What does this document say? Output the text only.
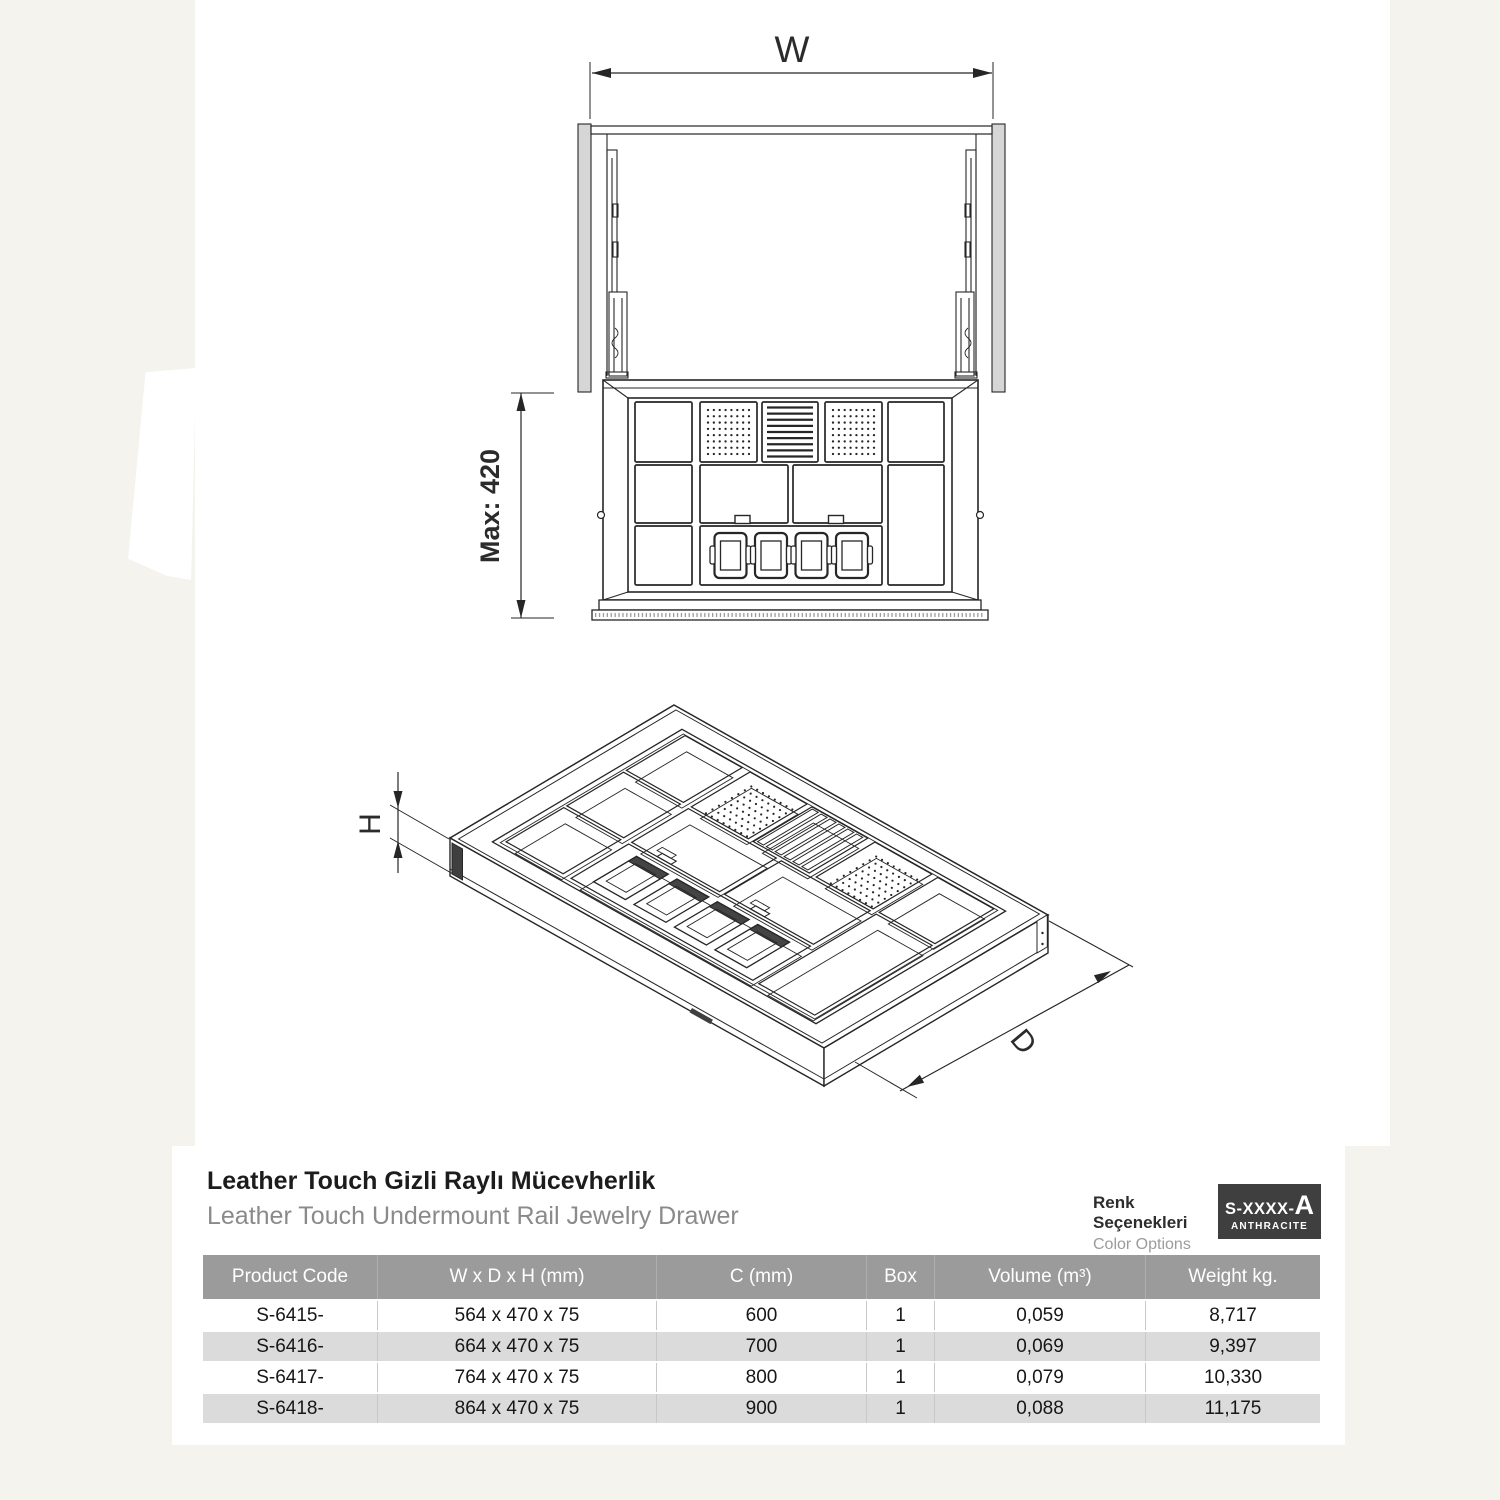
W
Max: 420
H
D
Leather Touch Gizli Raylı Mücevherlik
Leather Touch Undermount Rail Jewelry Drawer	Renk Seçenekleri
Color Options
S-XXXX- A
ANTHRACITE
Product Code	W x D x H (mm)	C (mm)	Box	Volume (m³)	Weight kg.
S-6415-	564 x 470 x 75	600	1	0,059	8,717
S-6416-	664 x 470 x 75	700	1	0,069	9,397
S-6417-	764 x 470 x 75	800	1	0,079	10,330
S-6418-	864 x 470 x 75	900	1	0,088	11,175
